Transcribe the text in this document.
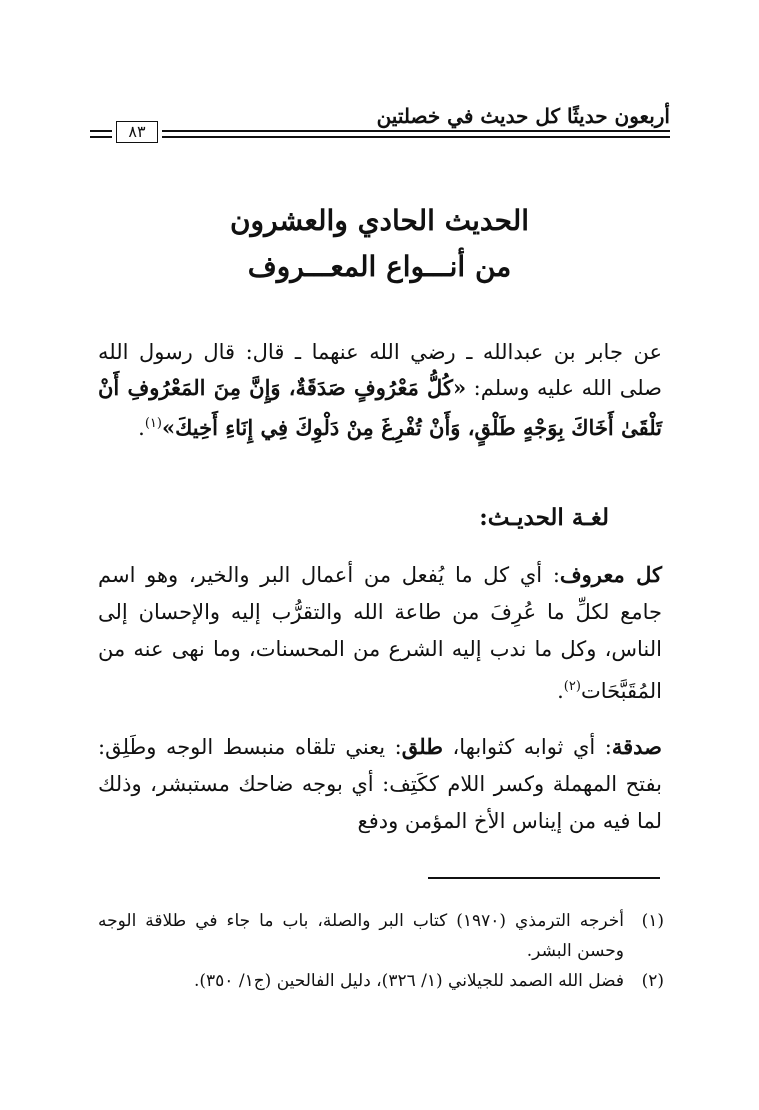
أربعون حديثًا كل حديث في خصلتين
٨٣
الحديث الحادي والعشرون
من أنـــواع المعـــروف
عن جابر بن عبدالله ـ رضي الله عنهما ـ قال: قال رسول الله صلى الله عليه وسلم: «كُلُّ مَعْرُوفٍ صَدَقَةٌ، وَإِنَّ مِنَ المَعْرُوفِ أَنْ تَلْقَىٰ أَخَاكَ بِوَجْهٍ طَلْقٍ، وَأَنْ تُفْرِغَ مِنْ دَلْوِكَ فِي إِنَاءِ أَخِيكَ»$^{(١)}$.
لغـة الحديـث:
كل معروف: أي كل ما يُفعل من أعمال البر والخير، وهو اسم جامع لكلِّ ما عُرِفَ من طاعة الله والتقرُّب إليه والإحسان إلى الناس، وكل ما ندب إليه الشرع من المحسنات، وما نهى عنه من المُقَبَّحَات$^{(٢)}$.
صدقة: أي ثوابه كثوابها، طلق: يعني تلقاه منبسط الوجه وطَلِق: بفتح المهملة وكسر اللام ككَتِف: أي بوجه ضاحك مستبشر، وذلك لما فيه من إيناس الأخ المؤمن ودفع
(١)
أخرجه الترمذي (١٩٧٠) كتاب البر والصلة، باب ما جاء في طلاقة الوجه وحسن البشر.
(٢)
فضل الله الصمد للجيلاني (١/ ٣٢٦)، دليل الفالحين (ج١/ ٣٥٠).
